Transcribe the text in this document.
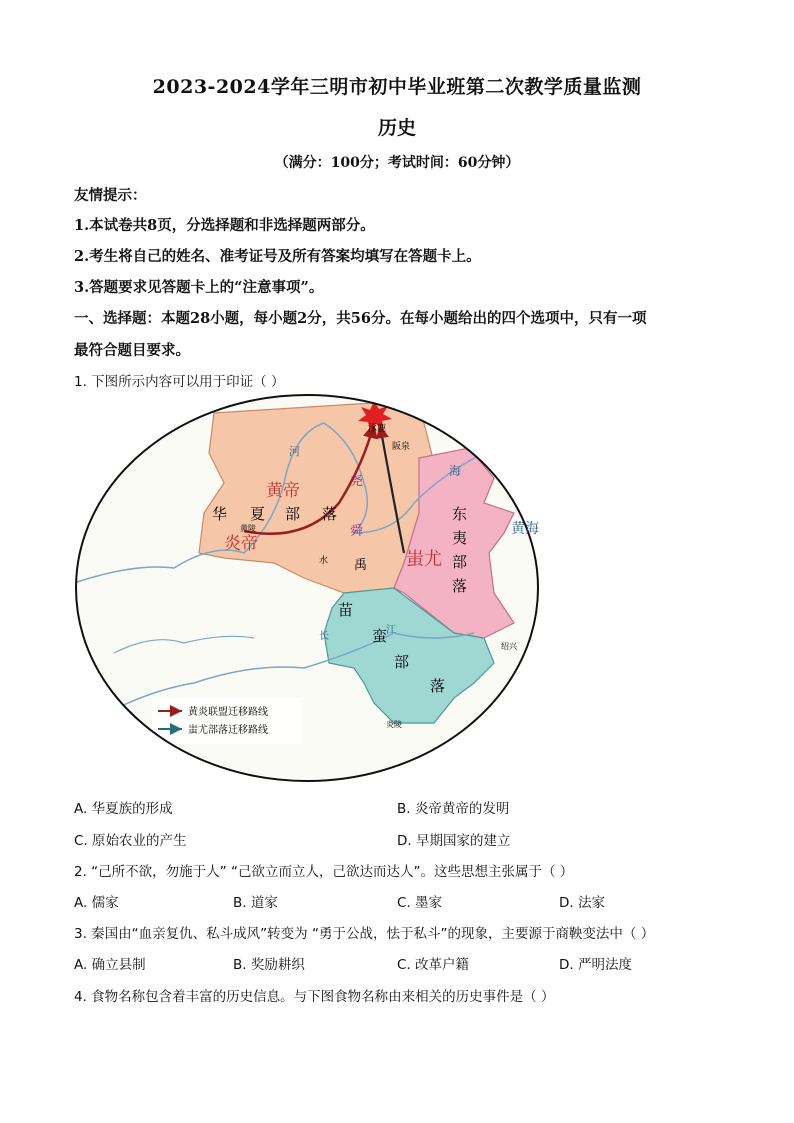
2023-2024学年三明市初中毕业班第二次教学质量监测
历史
（满分：100分；考试时间：60分钟）
友情提示：
1.本试卷共8页，分选择题和非选择题两部分。
2.考生将自己的姓名、准考证号及所有答案均填写在答题卡上。
3.答题要求见答题卡上的“注意事项”。
一、选择题：本题28小题，每小题2分，共56分。在每小题给出的四个选项中，只有一项
最符合题目要求。
1. 下图所示内容可以用于印证（ ）
涿鹿
阪泉
河
海
黄海
黄帝
华 夏 部 落
尧
舜
禹
炎帝
黄陵
水	蚩尤
东
夷
部
落
苗
蛮
部
落
长
江
绍兴
炎陵
黄炎联盟迁移路线
蚩尤部落迁移路线
A. 华夏族的形成	B. 炎帝黄帝的发明
C. 原始农业的产生	D. 早期国家的建立
2. “己所不欲，勿施于人” “己欲立而立人，己欲达而达人”。这些思想主张属于（ ）
A. 儒家	B. 道家	C. 墨家	D. 法家
3. 秦国由“血亲复仇、私斗成风”转变为 “勇于公战，怯于私斗”的现象，主要源于商鞅变法中（ ）
A. 确立县制	B. 奖励耕织	C. 改革户籍	D. 严明法度
4. 食物名称包含着丰富的历史信息。与下图食物名称由来相关的历史事件是（ ）
